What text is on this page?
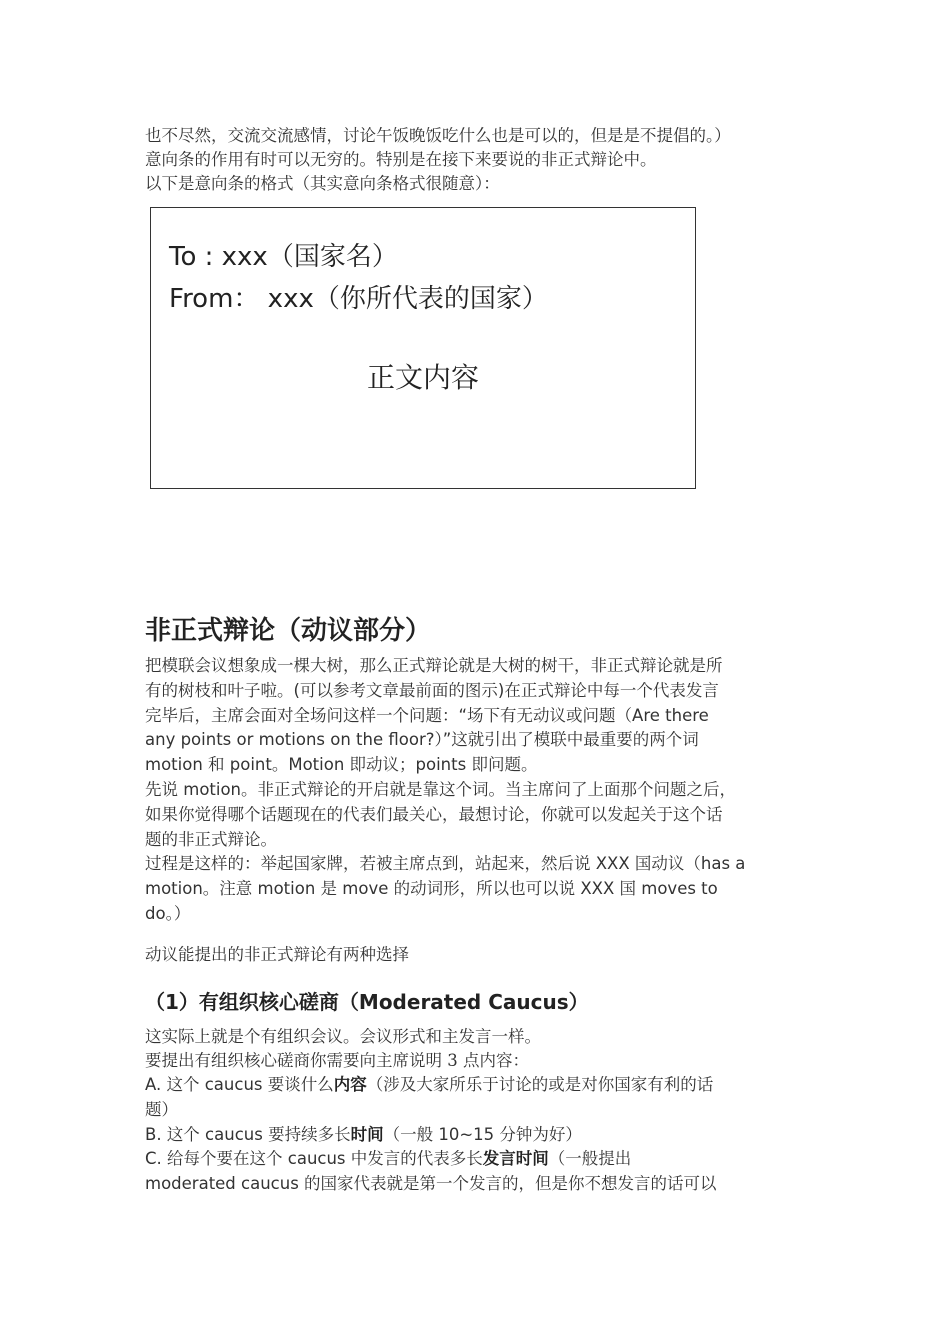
也不尽然，交流交流感情，讨论午饭晚饭吃什么也是可以的，但是是不提倡的。）
意向条的作用有时可以无穷的。特别是在接下来要说的非正式辩论中。
以下是意向条的格式（其实意向条格式很随意）：
To : xxx（国家名）
From： xxx（你所代表的国家）
正文内容
非正式辩论（动议部分）
把模联会议想象成一棵大树，那么正式辩论就是大树的树干，非正式辩论就是所
有的树枝和叶子啦。(可以参考文章最前面的图示)在正式辩论中每一个代表发言
完毕后，主席会面对全场问这样一个问题：“场下有无动议或问题（Are there
any points or motions on the floor?）”这就引出了模联中最重要的两个词
motion 和 point。Motion 即动议；points 即问题。
先说 motion。非正式辩论的开启就是靠这个词。当主席问了上面那个问题之后，
如果你觉得哪个话题现在的代表们最关心，最想讨论，你就可以发起关于这个话
题的非正式辩论。
过程是这样的：举起国家牌，若被主席点到，站起来，然后说 XXX 国动议（has a
motion。注意 motion 是 move 的动词形，所以也可以说 XXX 国 moves to
do。）
动议能提出的非正式辩论有两种选择
（1）有组织核心磋商（Moderated Caucus）
这实际上就是个有组织会议。会议形式和主发言一样。
要提出有组织核心磋商你需要向主席说明 3 点内容：
A. 这个 caucus 要谈什么内容（涉及大家所乐于讨论的或是对你国家有利的话
题）
B. 这个 caucus 要持续多长时间（一般 10~15 分钟为好）
C. 给每个要在这个 caucus 中发言的代表多长发言时间（一般提出
moderated caucus 的国家代表就是第一个发言的，但是你不想发言的话可以
